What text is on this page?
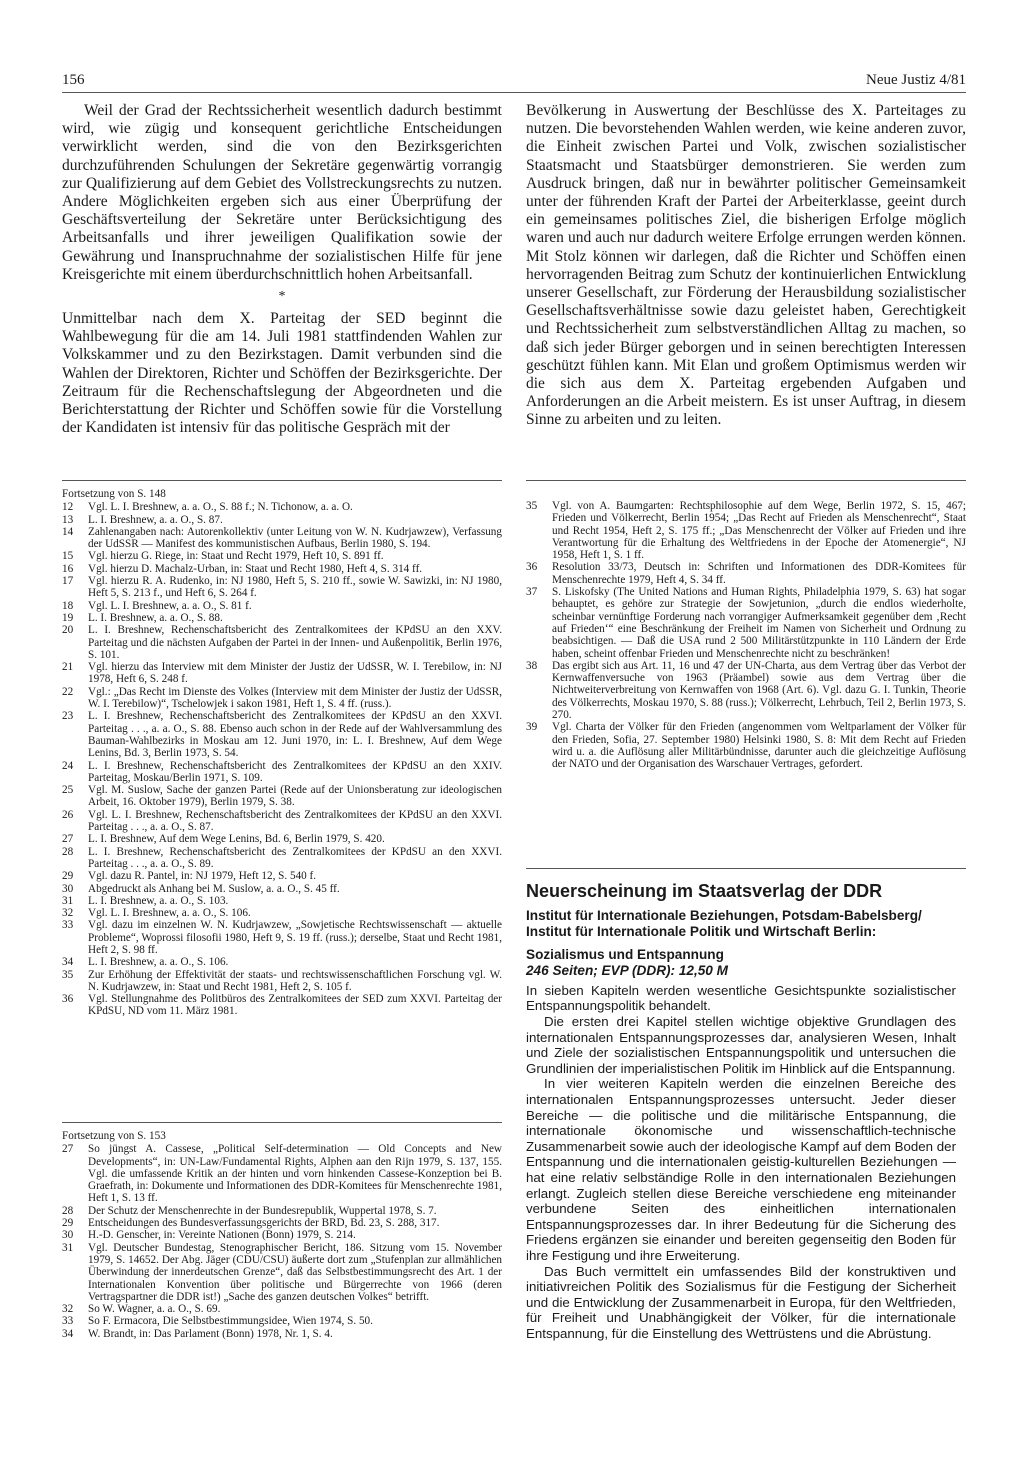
156	Neue Justiz 4/81

Weil der Grad der Rechtssicherheit wesentlich dadurch bestimmt wird, wie zügig und konsequent gerichtliche Entscheidungen verwirklicht werden, sind die von den Bezirksgerichten durchzuführenden Schulungen der Sekretäre gegenwärtig vorrangig zur Qualifizierung auf dem Gebiet des Vollstreckungsrechts zu nutzen. Andere Möglichkeiten ergeben sich aus einer Überprüfung der Geschäftsverteilung der Sekretäre unter Berücksichtigung des Arbeitsanfalls und ihrer jeweiligen Qualifikation sowie der Gewährung und Inanspruchnahme der sozialistischen Hilfe für jene Kreisgerichte mit einem überdurchschnittlich hohen Arbeitsanfall.

*

Unmittelbar nach dem X. Parteitag der SED beginnt die Wahlbewegung für die am 14. Juli 1981 stattfindenden Wahlen zur Volkskammer und zu den Bezirkstagen. Damit verbunden sind die Wahlen der Direktoren, Richter und Schöffen der Bezirksgerichte. Der Zeitraum für die Rechenschaftslegung der Abgeordneten und die Berichterstattung der Richter und Schöffen sowie für die Vorstellung der Kandidaten ist intensiv für das politische Gespräch mit der

Bevölkerung in Auswertung der Beschlüsse des X. Parteitages zu nutzen. Die bevorstehenden Wahlen werden, wie keine anderen zuvor, die Einheit zwischen Partei und Volk, zwischen sozialistischer Staatsmacht und Staatsbürger demonstrieren. Sie werden zum Ausdruck bringen, daß nur in bewährter politischer Gemeinsamkeit unter der führenden Kraft der Partei der Arbeiterklasse, geeint durch ein gemeinsames politisches Ziel, die bisherigen Erfolge möglich waren und auch nur dadurch weitere Erfolge errungen werden können. Mit Stolz können wir darlegen, daß die Richter und Schöffen einen hervorragenden Beitrag zum Schutz der kontinuierlichen Entwicklung unserer Gesellschaft, zur Förderung der Herausbildung sozialistischer Gesellschaftsverhältnisse sowie dazu geleistet haben, Gerechtigkeit und Rechtssicherheit zum selbstverständlichen Alltag zu machen, so daß sich jeder Bürger geborgen und in seinen berechtigten Interessen geschützt fühlen kann. Mit Elan und großem Optimismus werden wir die sich aus dem X. Parteitag ergebenden Aufgaben und Anforderungen an die Arbeit meistern. Es ist unser Auftrag, in diesem Sinne zu arbeiten und zu leiten.

Fortsetzung von S. 148
12	Vgl. L. I. Breshnew, a. a. O., S. 88 f.; N. Tichonow, a. a. O.
13	L. I. Breshnew, a. a. O., S. 87.
14	Zahlenangaben nach: Autorenkollektiv (unter Leitung von W. N. Kudrjawzew), Verfassung der UdSSR — Manifest des kommunistischen Aufbaus, Berlin 1980, S. 194.
15	Vgl. hierzu G. Riege, in: Staat und Recht 1979, Heft 10, S. 891 ff.
16	Vgl. hierzu D. Machalz-Urban, in: Staat und Recht 1980, Heft 4, S. 314 ff.
17	Vgl. hierzu R. A. Rudenko, in: NJ 1980, Heft 5, S. 210 ff., sowie W. Sawizki, in: NJ 1980, Heft 5, S. 213 f., und Heft 6, S. 264 f.
18	Vgl. L. I. Breshnew, a. a. O., S. 81 f.
19	L. I. Breshnew, a. a. O., S. 88.
20	L. I. Breshnew, Rechenschaftsbericht des Zentralkomitees der KPdSU an den XXV. Parteitag und die nächsten Aufgaben der Partei in der Innen- und Außenpolitik, Berlin 1976, S. 101.
21	Vgl. hierzu das Interview mit dem Minister der Justiz der UdSSR, W. I. Terebilow, in: NJ 1978, Heft 6, S. 248 f.
22	Vgl.: „Das Recht im Dienste des Volkes (Interview mit dem Minister der Justiz der UdSSR, W. I. Terebilow)“, Tschelowjek i sakon 1981, Heft 1, S. 4 ff. (russ.).
23	L. I. Breshnew, Rechenschaftsbericht des Zentralkomitees der KPdSU an den XXVI. Parteitag . . ., a. a. O., S. 88. Ebenso auch schon in der Rede auf der Wahlversammlung des Bauman-Wahlbezirks in Moskau am 12. Juni 1970, in: L. I. Breshnew, Auf dem Wege Lenins, Bd. 3, Berlin 1973, S. 54.
24	L. I. Breshnew, Rechenschaftsbericht des Zentralkomitees der KPdSU an den XXIV. Parteitag, Moskau/Berlin 1971, S. 109.
25	Vgl. M. Suslow, Sache der ganzen Partei (Rede auf der Unionsberatung zur ideologischen Arbeit, 16. Oktober 1979), Berlin 1979, S. 38.
26	Vgl. L. I. Breshnew, Rechenschaftsbericht des Zentralkomitees der KPdSU an den XXVI. Parteitag . . ., a. a. O., S. 87.
27	L. I. Breshnew, Auf dem Wege Lenins, Bd. 6, Berlin 1979, S. 420.
28	L. I. Breshnew, Rechenschaftsbericht des Zentralkomitees der KPdSU an den XXVI. Parteitag . . ., a. a. O., S. 89.
29	Vgl. dazu R. Pantel, in: NJ 1979, Heft 12, S. 540 f.
30	Abgedruckt als Anhang bei M. Suslow, a. a. O., S. 45 ff.
31	L. I. Breshnew, a. a. O., S. 103.
32	Vgl. L. I. Breshnew, a. a. O., S. 106.
33	Vgl. dazu im einzelnen W. N. Kudrjawzew, „Sowjetische Rechtswissenschaft — aktuelle Probleme“, Woprossi filosofii 1980, Heft 9, S. 19 ff. (russ.); derselbe, Staat und Recht 1981, Heft 2, S. 98 ff.
34	L. I. Breshnew, a. a. O., S. 106.
35	Zur Erhöhung der Effektivität der staats- und rechtswissenschaftlichen Forschung vgl. W. N. Kudrjawzew, in: Staat und Recht 1981, Heft 2, S. 105 f.
36	Vgl. Stellungnahme des Politbüros des Zentralkomitees der SED zum XXVI. Parteitag der KPdSU, ND vom 11. März 1981.
Fortsetzung von S. 153
27	So jüngst A. Cassese, „Political Self-determination — Old Concepts and New Developments“, in: UN-Law/Fundamental Rights, Alphen aan den Rijn 1979, S. 137, 155. Vgl. die umfassende Kritik an der hinten und vorn hinkenden Cassese-Konzeption bei B. Graefrath, in: Dokumente und Informationen des DDR-Komitees für Menschenrechte 1981, Heft 1, S. 13 ff.
28	Der Schutz der Menschenrechte in der Bundesrepublik, Wuppertal 1978, S. 7.
29	Entscheidungen des Bundesverfassungsgerichts der BRD, Bd. 23, S. 288, 317.
30	H.-D. Genscher, in: Vereinte Nationen (Bonn) 1979, S. 214.
31	Vgl. Deutscher Bundestag, Stenographischer Bericht, 186. Sitzung vom 15. November 1979, S. 14652. Der Abg. Jäger (CDU/CSU) äußerte dort zum „Stufenplan zur allmählichen Überwindung der innerdeutschen Grenze“, daß das Selbstbestimmungsrecht des Art. 1 der Internationalen Konvention über politische und Bürgerrechte von 1966 (deren Vertragspartner die DDR ist!) „Sache des ganzen deutschen Volkes“ betrifft.
32	So W. Wagner, a. a. O., S. 69.
33	So F. Ermacora, Die Selbstbestimmungsidee, Wien 1974, S. 50.
34	W. Brandt, in: Das Parlament (Bonn) 1978, Nr. 1, S. 4.
35	Vgl. von A. Baumgarten: Rechtsphilosophie auf dem Wege, Berlin 1972, S. 15, 467; Frieden und Völkerrecht, Berlin 1954; „Das Recht auf Frieden als Menschenrecht“, Staat und Recht 1954, Heft 2, S. 175 ff.; „Das Menschenrecht der Völker auf Frieden und ihre Verantwortung für die Erhaltung des Weltfriedens in der Epoche der Atomenergie“, NJ 1958, Heft 1, S. 1 ff.
36	Resolution 33/73, Deutsch in: Schriften und Informationen des DDR-Komitees für Menschenrechte 1979, Heft 4, S. 34 ff.
37	S. Liskofsky (The United Nations and Human Rights, Philadelphia 1979, S. 63) hat sogar behauptet, es gehöre zur Strategie der Sowjetunion, „durch die endlos wiederholte, scheinbar vernünftige Forderung nach vorrangiger Aufmerksamkeit gegenüber dem ‚Recht auf Frieden‘“ eine Beschränkung der Freiheit im Namen von Sicherheit und Ordnung zu beabsichtigen. — Daß die USA rund 2 500 Militärstützpunkte in 110 Ländern der Erde haben, scheint offenbar Frieden und Menschenrechte nicht zu beschränken!
38	Das ergibt sich aus Art. 11, 16 und 47 der UN-Charta, aus dem Vertrag über das Verbot der Kernwaffenversuche von 1963 (Präambel) sowie aus dem Vertrag über die Nichtweiterverbreitung von Kernwaffen von 1968 (Art. 6). Vgl. dazu G. I. Tunkin, Theorie des Völkerrechts, Moskau 1970, S. 88 (russ.); Völkerrecht, Lehrbuch, Teil 2, Berlin 1973, S. 270.
39	Vgl. Charta der Völker für den Frieden (angenommen vom Weltparlament der Völker für den Frieden, Sofia, 27. September 1980) Helsinki 1980, S. 8: Mit dem Recht auf Frieden wird u. a. die Auflösung aller Militärbündnisse, darunter auch die gleichzeitige Auflösung der NATO und der Organisation des Warschauer Vertrages, gefordert.
Neuerscheinung im Staatsverlag der DDR
Institut für Internationale Beziehungen, Potsdam-Babelsberg/ Institut für Internationale Politik und Wirtschaft Berlin:
Sozialismus und Entspannung
246 Seiten; EVP (DDR): 12,50 M

In sieben Kapiteln werden wesentliche Gesichtspunkte sozialistischer Entspannungspolitik behandelt.

Die ersten drei Kapitel stellen wichtige objektive Grundlagen des internationalen Entspannungsprozesses dar, analysieren Wesen, Inhalt und Ziele der sozialistischen Entspannungspolitik und untersuchen die Grundlinien der imperialistischen Politik im Hinblick auf die Entspannung.

In vier weiteren Kapiteln werden die einzelnen Bereiche des internationalen Entspannungsprozesses untersucht. Jeder dieser Bereiche — die politische und die militärische Entspannung, die internationale ökonomische und wissenschaftlich-technische Zusammenarbeit sowie auch der ideologische Kampf auf dem Boden der Entspannung und die internationalen geistig-kulturellen Beziehungen — hat eine relativ selbständige Rolle in den internationalen Beziehungen erlangt. Zugleich stellen diese Bereiche verschiedene eng miteinander verbundene Seiten des einheitlichen internationalen Entspannungsprozesses dar. In ihrer Bedeutung für die Sicherung des Friedens ergänzen sie einander und bereiten gegenseitig den Boden für ihre Festigung und ihre Erweiterung.

Das Buch vermittelt ein umfassendes Bild der konstruktiven und initiativreichen Politik des Sozialismus für die Festigung der Sicherheit und die Entwicklung der Zusammenarbeit in Europa, für den Weltfrieden, für Freiheit und Unabhängigkeit der Völker, für die internationale Entspannung, für die Einstellung des Wettrüstens und die Abrüstung.
